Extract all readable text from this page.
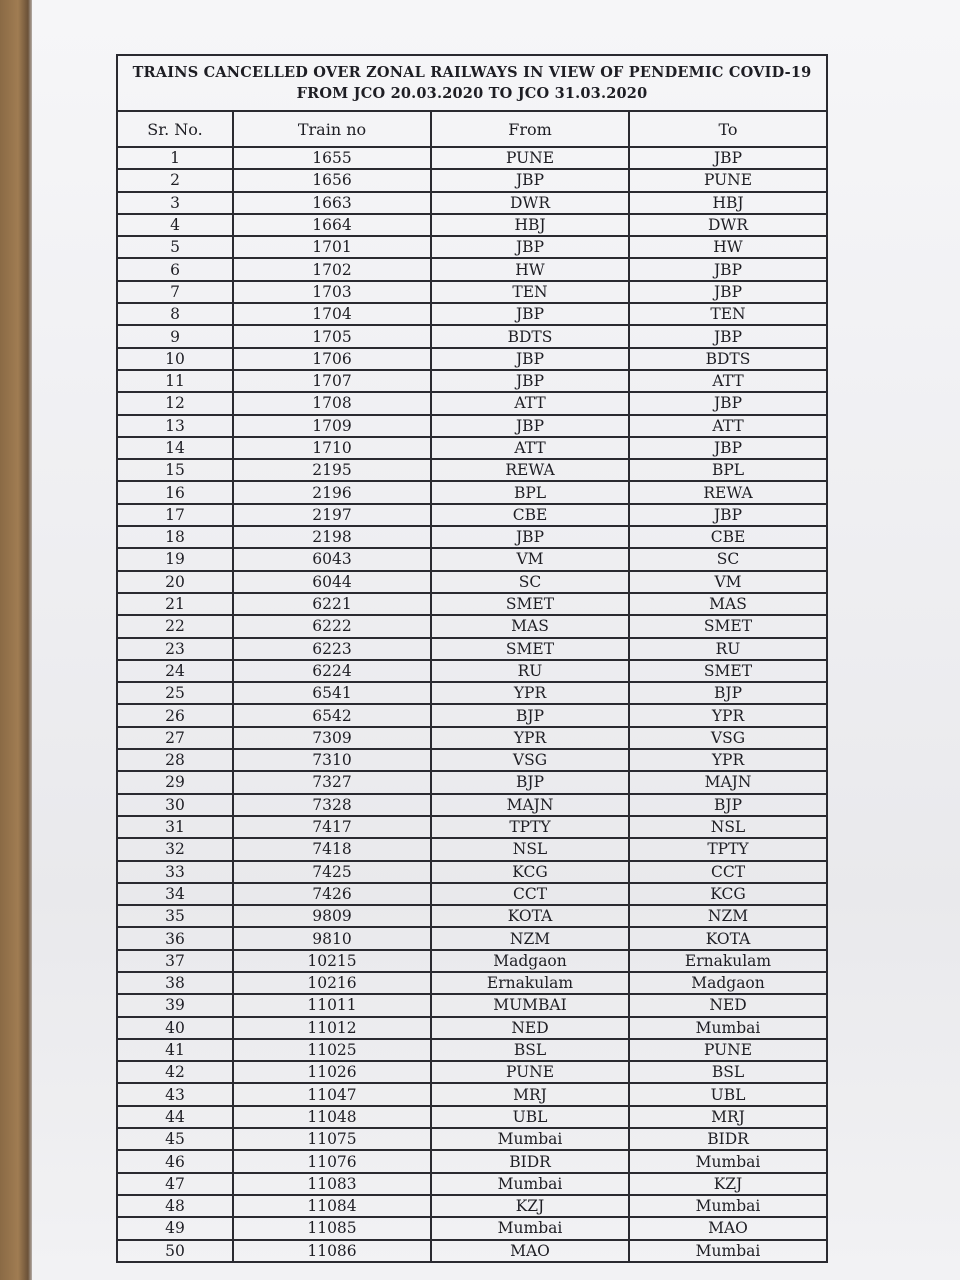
TRAINS CANCELLED OVER ZONAL RAILWAYS IN VIEW OF PENDEMIC COVID-19
FROM JCO 20.03.2020 TO JCO 31.03.2020			

Sr. No.	Train no	From	To
1	1655	PUNE	JBP
2	1656	JBP	PUNE
3	1663	DWR	HBJ
4	1664	HBJ	DWR
5	1701	JBP	HW
6	1702	HW	JBP
7	1703	TEN	JBP
8	1704	JBP	TEN
9	1705	BDTS	JBP
10	1706	JBP	BDTS
11	1707	JBP	ATT
12	1708	ATT	JBP
13	1709	JBP	ATT
14	1710	ATT	JBP
15	2195	REWA	BPL
16	2196	BPL	REWA
17	2197	CBE	JBP
18	2198	JBP	CBE
19	6043	VM	SC
20	6044	SC	VM
21	6221	SMET	MAS
22	6222	MAS	SMET
23	6223	SMET	RU
24	6224	RU	SMET
25	6541	YPR	BJP
26	6542	BJP	YPR
27	7309	YPR	VSG
28	7310	VSG	YPR
29	7327	BJP	MAJN
30	7328	MAJN	BJP
31	7417	TPTY	NSL
32	7418	NSL	TPTY
33	7425	KCG	CCT
34	7426	CCT	KCG
35	9809	KOTA	NZM
36	9810	NZM	KOTA
37	10215	Madgaon	Ernakulam
38	10216	Ernakulam	Madgaon
39	11011	MUMBAI	NED
40	11012	NED	Mumbai
41	11025	BSL	PUNE
42	11026	PUNE	BSL
43	11047	MRJ	UBL
44	11048	UBL	MRJ
45	11075	Mumbai	BIDR
46	11076	BIDR	Mumbai
47	11083	Mumbai	KZJ
48	11084	KZJ	Mumbai
49	11085	Mumbai	MAO
50	11086	MAO	Mumbai
